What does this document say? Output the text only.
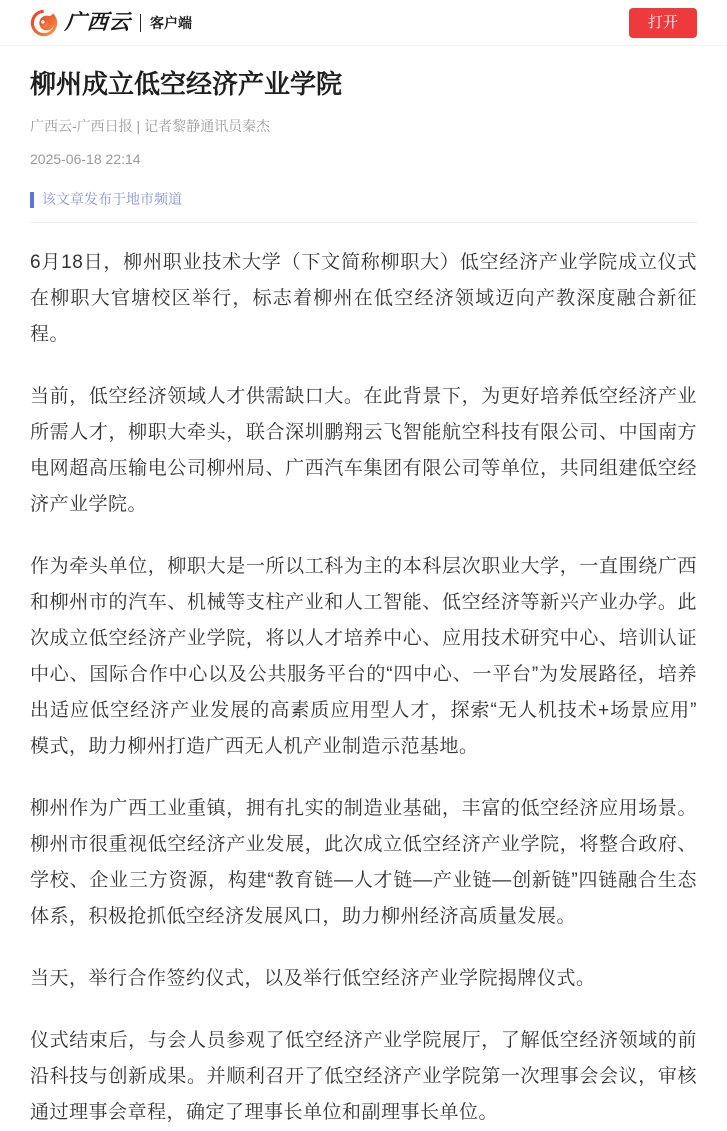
广西云 客户端	打开
柳州成立低空经济产业学院
广西云-广西日报 | 记者黎静通讯员秦杰
2025-06-18 22:14
该文章发布于地市频道

6月18日，柳州职业技术大学（下文简称柳职大）低空经济产业学院成立仪式在柳职大官塘校区举行，标志着柳州在低空经济领域迈向产教深度融合新征程。

当前，低空经济领域人才供需缺口大。在此背景下，为更好培养低空经济产业所需人才，柳职大牵头，联合深圳鹏翔云飞智能航空科技有限公司、中国南方电网超高压输电公司柳州局、广西汽车集团有限公司等单位，共同组建低空经济产业学院。

作为牵头单位，柳职大是一所以工科为主的本科层次职业大学，一直围绕广西和柳州市的汽车、机械等支柱产业和人工智能、低空经济等新兴产业办学。此次成立低空经济产业学院，将以人才培养中心、应用技术研究中心、培训认证中心、国际合作中心以及公共服务平台的“四中心、一平台”为发展路径，培养出适应低空经济产业发展的高素质应用型人才，探索“无人机技术+场景应用”模式，助力柳州打造广西无人机产业制造示范基地。

柳州作为广西工业重镇，拥有扎实的制造业基础，丰富的低空经济应用场景。柳州市很重视低空经济产业发展，此次成立低空经济产业学院，将整合政府、学校、企业三方资源，构建“教育链—人才链—产业链—创新链”四链融合生态体系，积极抢抓低空经济发展风口，助力柳州经济高质量发展。

当天，举行合作签约仪式，以及举行低空经济产业学院揭牌仪式。

仪式结束后，与会人员参观了低空经济产业学院展厅，了解低空经济领域的前沿科技与创新成果。并顺利召开了低空经济产业学院第一次理事会会议，审核通过理事会章程，确定了理事长单位和副理事长单位。
